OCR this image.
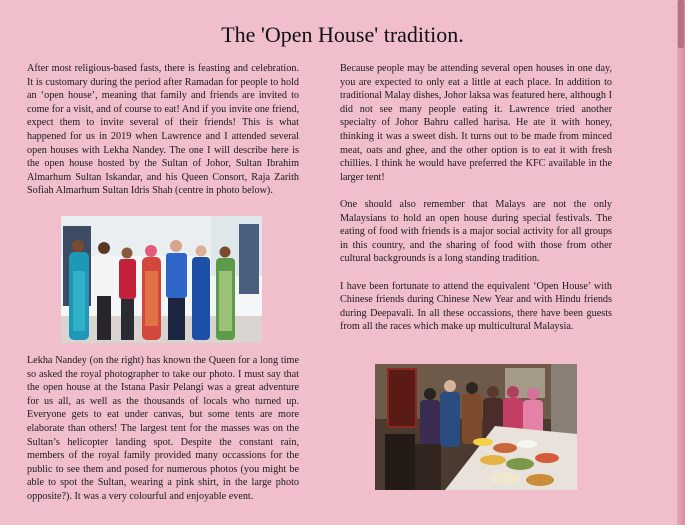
The 'Open House' tradition.

After most religious-based fasts, there is feasting and celebration. It is customary during the period after Ramadan for people to hold an ‘open house’, meaning that family and friends are invited to come for a visit, and of course to eat! And if you invite one friend, expect them to invite several of their friends! This is what happened for us in 2019 when Lawrence and I attended several open houses with Lekha Nandey. The one I will describe here is the open house hosted by the Sultan of Johor, Sultan Ibrahim Almarhum Sultan Iskandar, and his Queen Consort, Raja Zarith Sofiah Almarhum Sultan Idris Shah (centre in photo below).

Lekha Nandey (on the right) has known the Queen for a long time so asked the royal photographer to take our photo. I must say that the open house at the Istana Pasir Pelangi was a great adventure for us all, as well as the thousands of locals who turned up. Everyone gets to eat under canvas, but some tents are more elaborate than others! The largest tent for the masses was on the Sultan’s helicopter landing spot. Despite the constant rain, members of the royal family provided many occassions for the public to see them and posed for numerous photos (you might be able to spot the Sultan, wearing a pink shirt, in the large photo opposite?). It was a very colourful and enjoyable event.

Because people may be attending several open houses in one day, you are expected to only eat a little at each place. In addition to traditional Malay dishes, Johor laksa was featured here, although I did not see many people eating it. Lawrence tried another specialty of Johor Bahru called harisa. He ate it with honey, thinking it was a sweet dish. It turns out to be made from minced meat, oats and ghee, and the other option is to eat it with fresh chillies. I think he would have preferred the KFC available in the larger tent!

One should also remember that Malays are not the only Malaysians to hold an open house during special festivals. The eating of food with friends is a major social activity for all groups in this country, and the sharing of food with those from other cultural backgrounds is a long standing tradition.

I have been fortunate to attend the equivalent ‘Open House’ with Chinese friends during Chinese New Year and with Hindu friends during Deepavali. In all these occassions, there have been guests from all the races which make up multicultural Malaysia.
